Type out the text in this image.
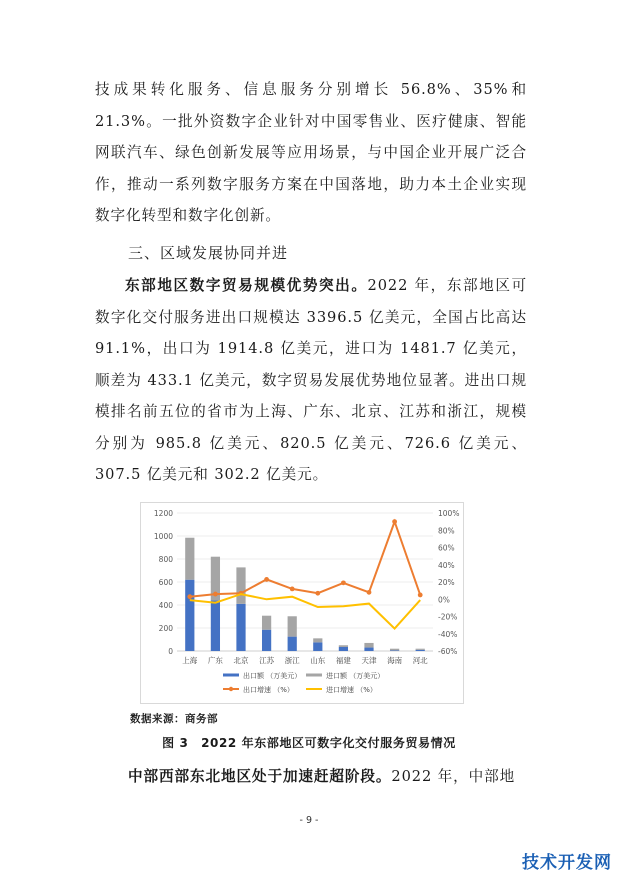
技成果转化服务、信息服务分别增长 56.8%、35%和 21.3%。一批外资数字企业针对中国零售业、医疗健康、智能网联汽车、绿色创新发展等应用场景，与中国企业开展广泛合作，推动一系列数字服务方案在中国落地，助力本土企业实现数字化转型和数字化创新。
三、区域发展协同并进
东部地区数字贸易规模优势突出。2022 年，东部地区可数字化交付服务进出口规模达 3396.5 亿美元，全国占比高达 91.1%，出口为 1914.8 亿美元，进口为 1481.7 亿美元，顺差为 433.1 亿美元，数字贸易发展优势地位显著。进出口规模排名前五位的省市为上海、广东、北京、江苏和浙江，规模分别为 985.8 亿美元、820.5 亿美元、726.6 亿美元、307.5 亿美元和 302.2 亿美元。
0
200
400
600
800
1000
1200
-60%
-40%
-20%
0%
20%
40%
60%
80%
100%
上海 广东 北京 江苏 浙江 山东 福建 天津 海南 河北
出口额 （万美元）	进口额 （万美元）
出口增速 （%）	进口增速 （%）
数据来源：商务部
图 3　2022 年东部地区可数字化交付服务贸易情况
中部西部东北地区处于加速赶超阶段。2022 年，中部地
- 9 -
技术开发网
